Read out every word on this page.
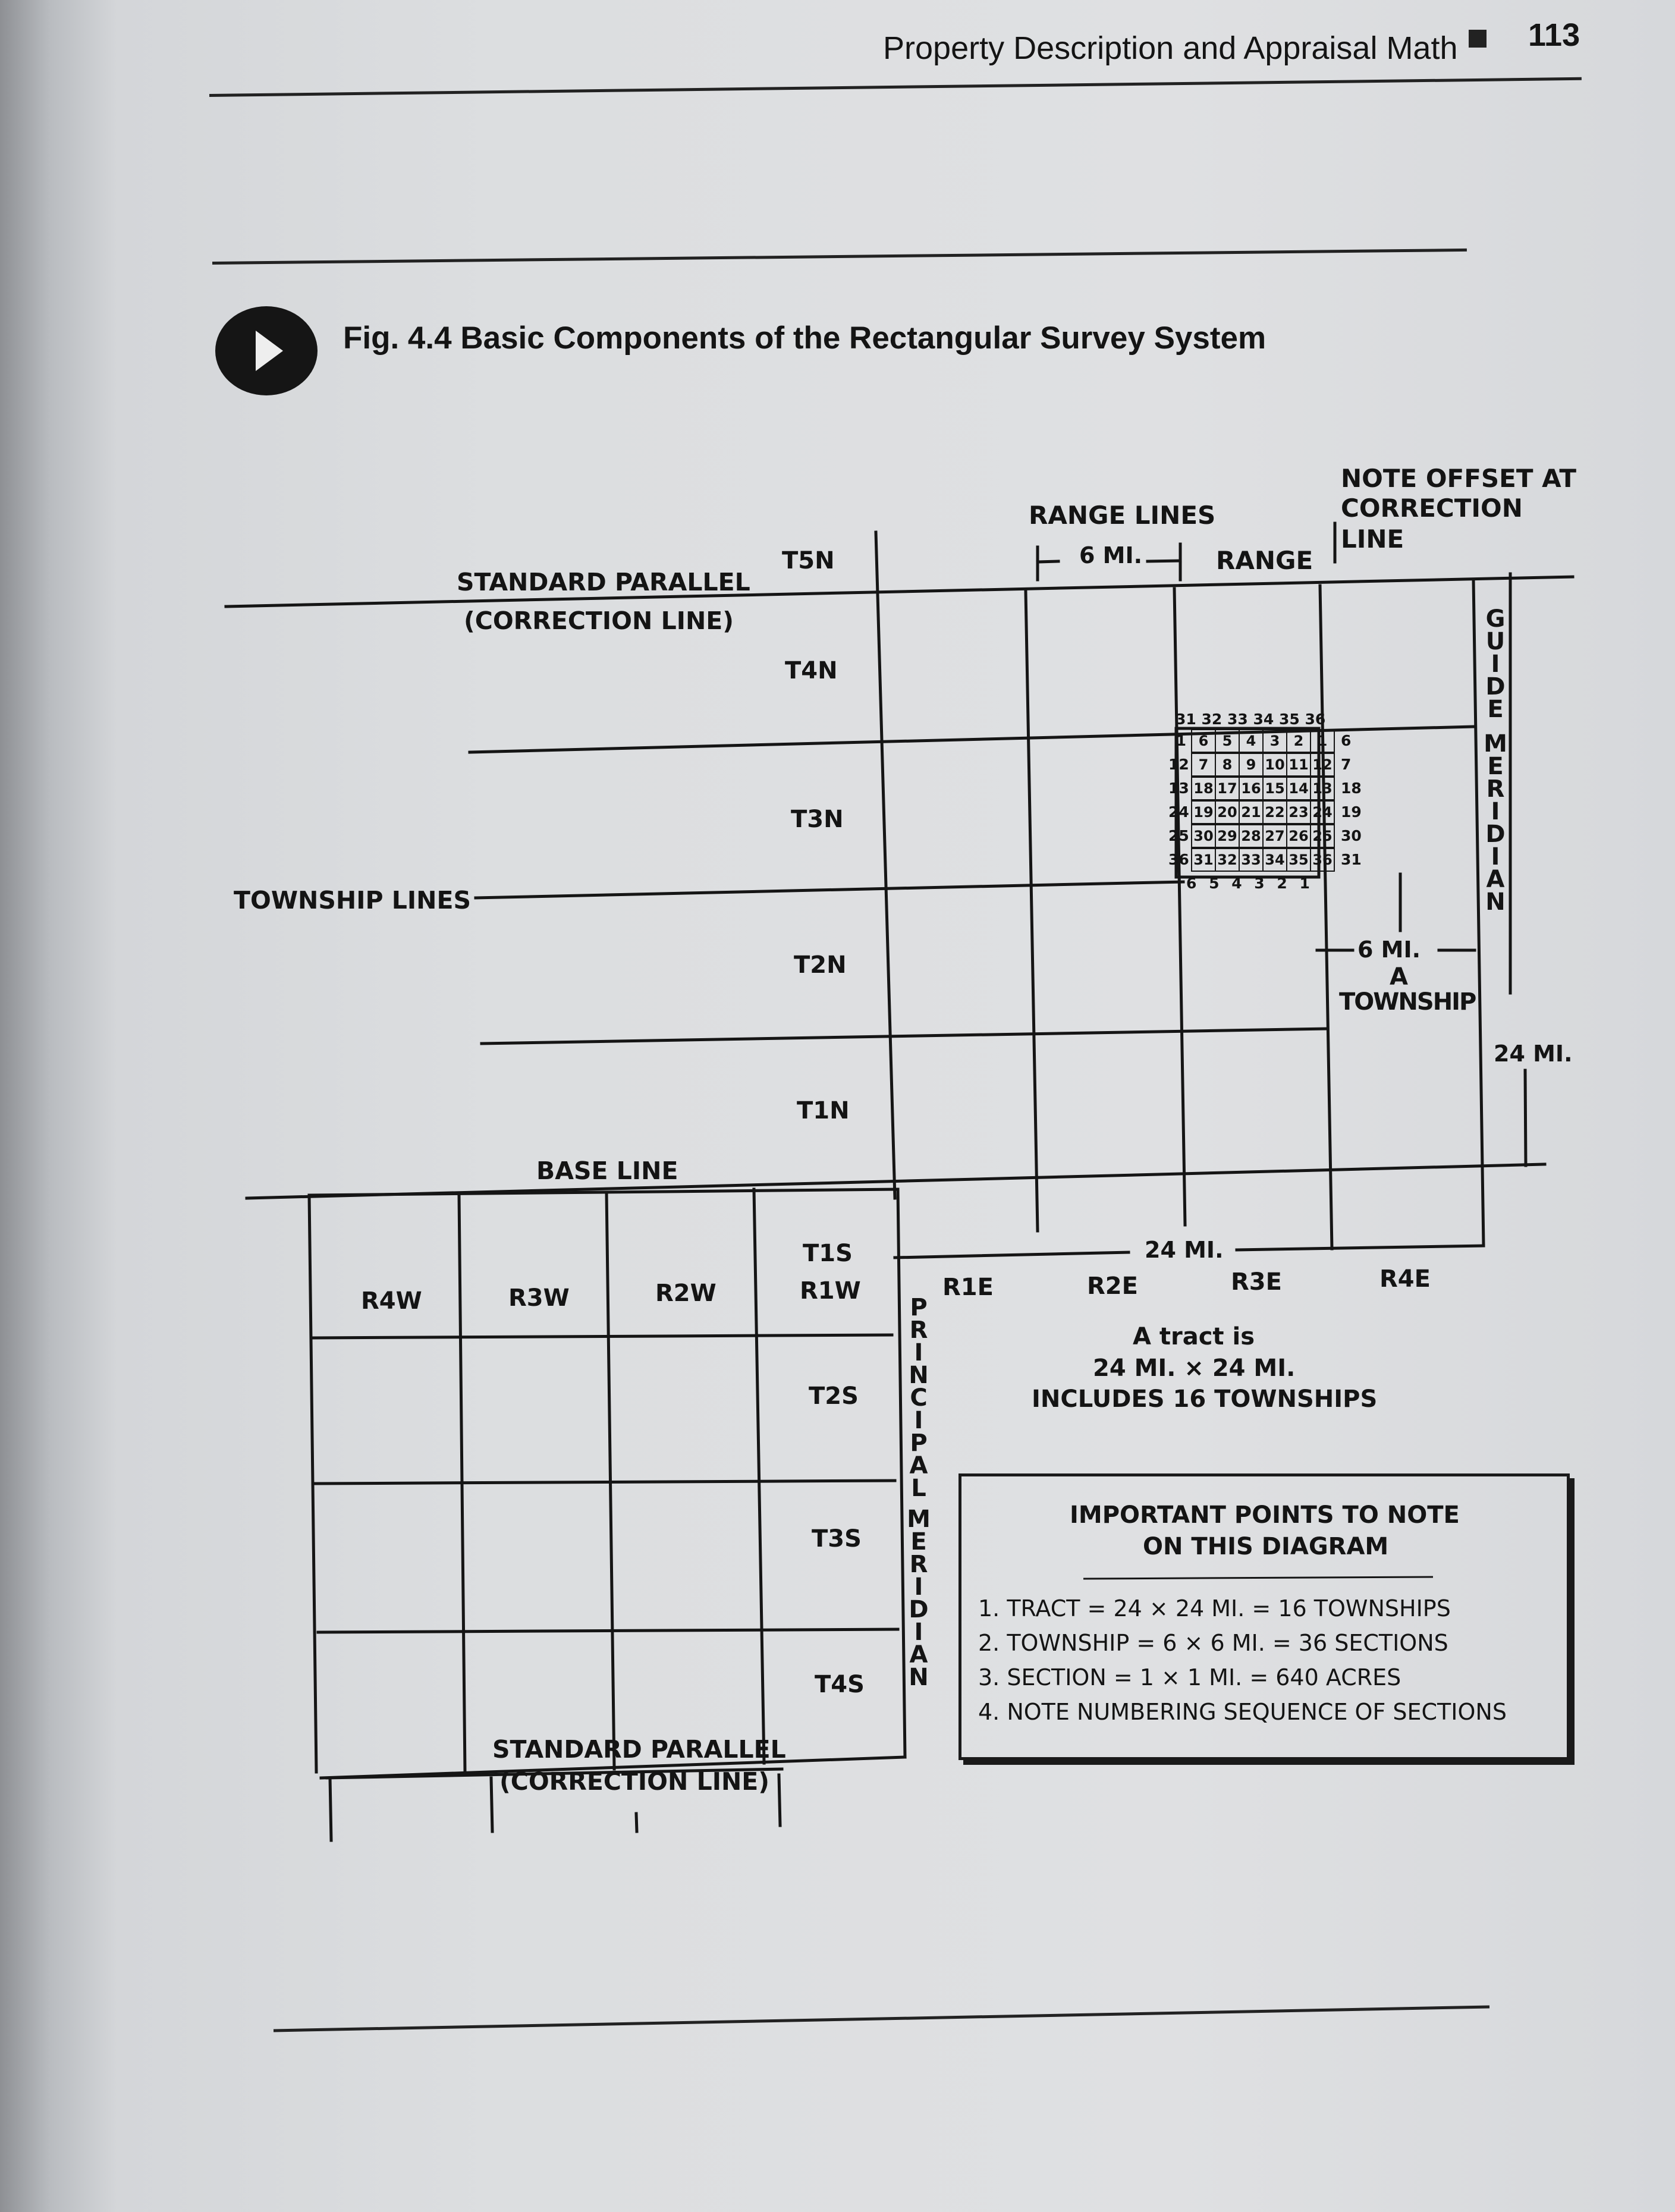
Property Description and Appraisal Math 113
Fig. 4.4 Basic Components of the Rectangular Survey System
RANGE LINES
6 MI.	RANGE
NOTE OFFSET AT
CORRECTION
LINE
STANDARD PARALLEL
(CORRECTION LINE)
TOWNSHIP LINES
BASE LINE
T5N
T4N
T3N
T2N
T1N
T1S
T2S
T3S
T4S
R4W	R3W	R2W	R1W	R1E	R2E	R3E	R4E
24 MI.
24 MI.
6 MI.
A
TOWNSHIP
31 32 33 34 35 36
1 6 5 4 3 2 1 6
12 7 8 9 10 11 12 7
13 18 17 16 15 14 13 18
24 19 20 21 22 23 24 19
25 30 29 28 27 26 25 30
36 31 32 33 34 35 36 31
6 5 4 3 2 1
A tract is
24 MI. × 24 MI.
INCLUDES 16 TOWNSHIPS
STANDARD PARALLEL
(CORRECTION LINE)
G
U
I
D
E
M
E
R
I
D
I
A
N
P
R
I
N
C
I
P
A
L
M
E
R
I
D
I
A
N
IMPORTANT POINTS TO NOTE
ON THIS DIAGRAM
1. TRACT = 24 × 24 MI. = 16 TOWNSHIPS
2. TOWNSHIP = 6 × 6 MI. = 36 SECTIONS
3. SECTION = 1 × 1 MI. = 640 ACRES
4. NOTE NUMBERING SEQUENCE OF SECTIONS
